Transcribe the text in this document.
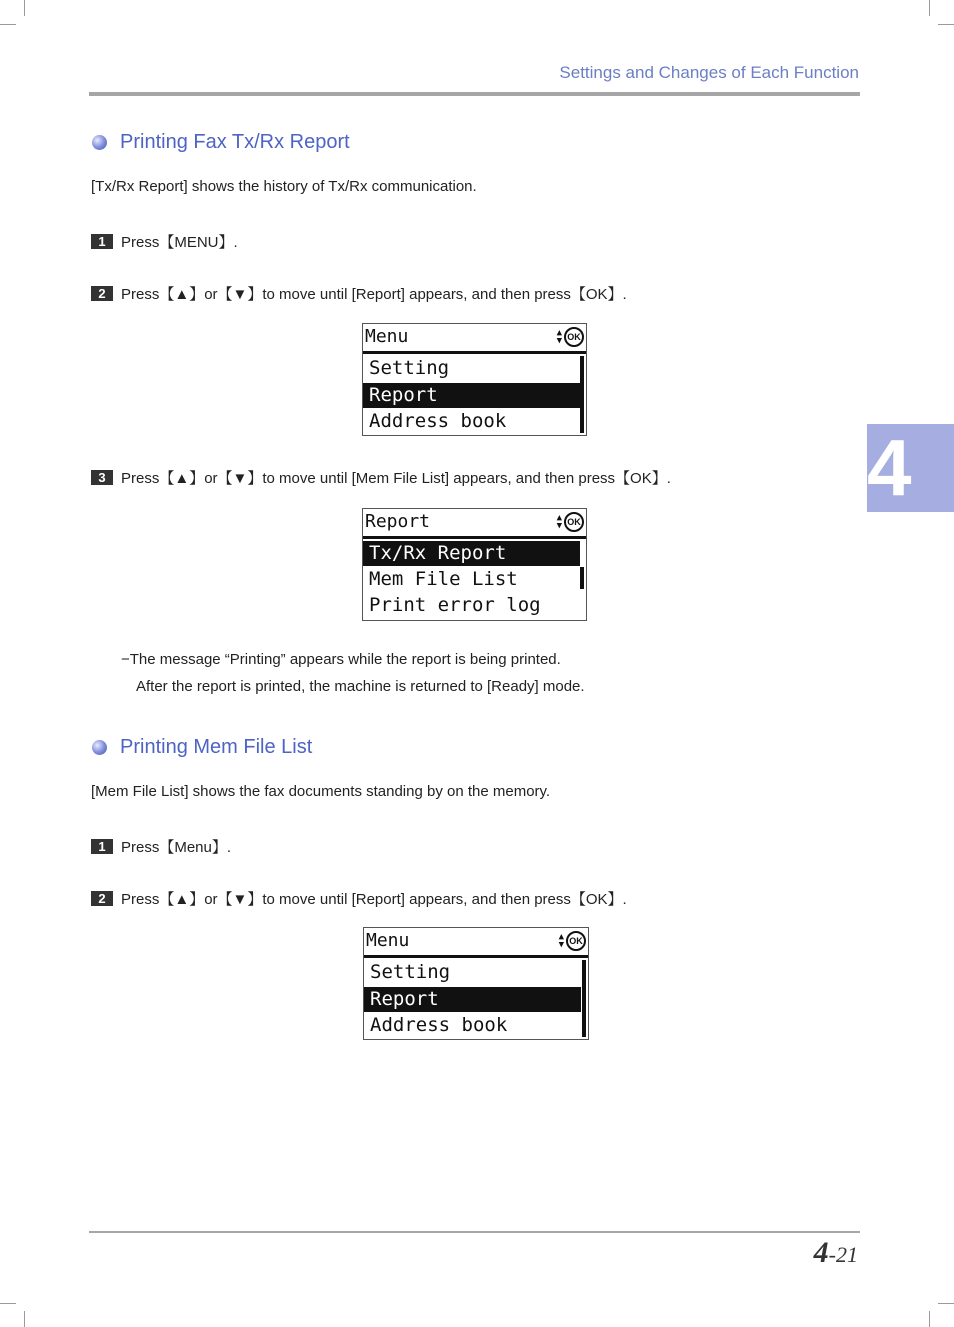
Settings and Changes of Each Function
4
Printing Fax Tx/Rx Report
[Tx/Rx Report] shows the history of Tx/Rx communication.
1	Press【MENU】.
2	Press【▲】or【▼】to move until [Report] appears, and then press【OK】.
Menu	▲
▼ OK
Setting
Report
Address book
3	Press【▲】or【▼】to move until [Mem File List] appears, and then press【OK】.
Report	▲
▼ OK
Tx/Rx Report
Mem File List
Print error log
−The message “Printing” appears while the report is being printed.
After the report is printed, the machine is returned to [Ready] mode.
Printing Mem File List
[Mem File List] shows the fax documents standing by on the memory.
1	Press【Menu】.
2	Press【▲】or【▼】to move until [Report] appears, and then press【OK】.
Menu	▲
▼ OK
Setting
Report
Address book
4-21
